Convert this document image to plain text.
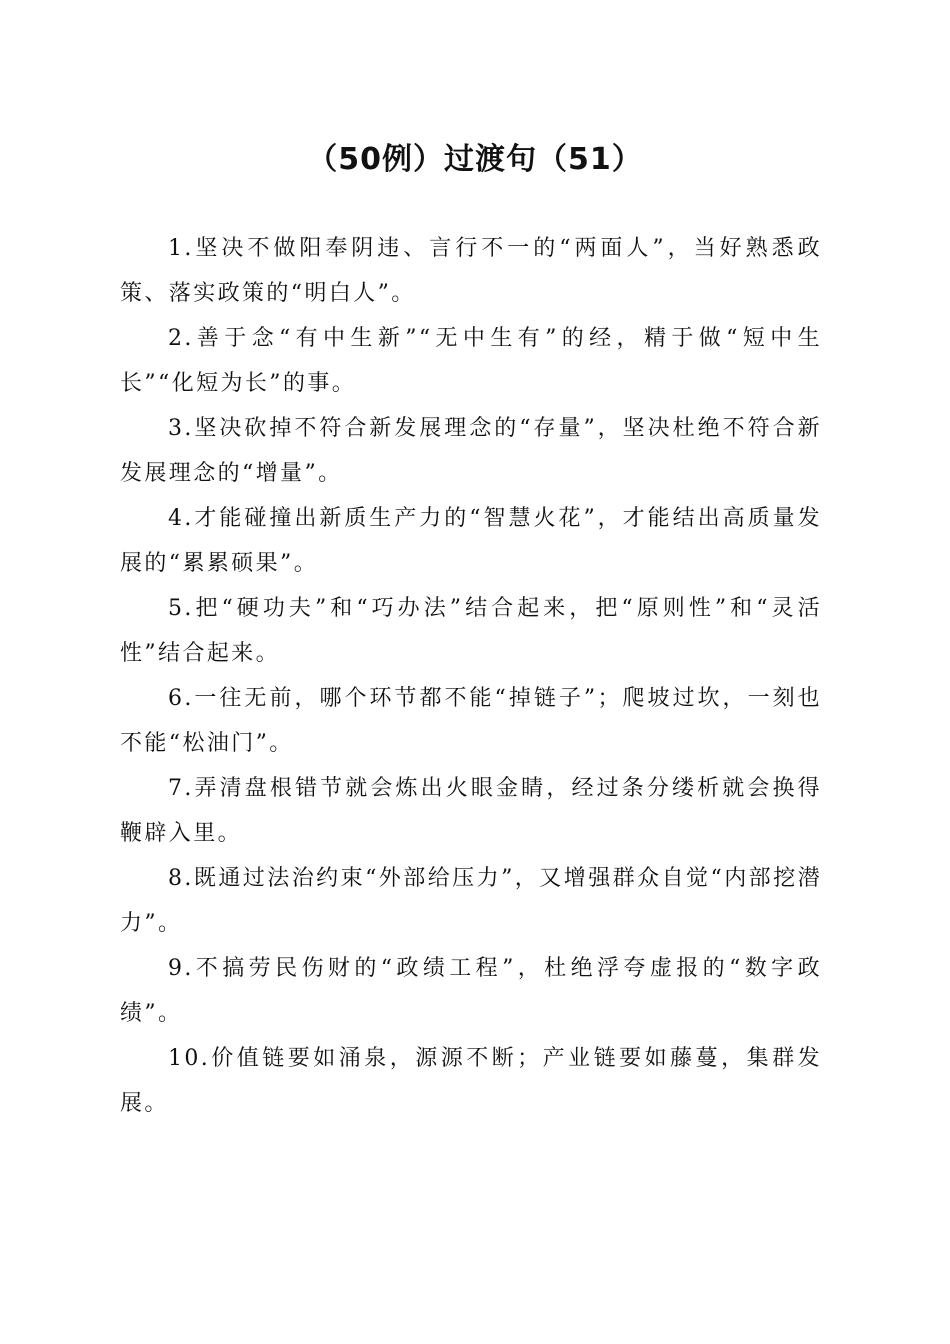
（50例）过渡句（51）

1.坚决不做阳奉阴违、言行不一的“两面人”，当好熟悉政策、落实政策的“明白人”。

2.善于念“有中生新”“无中生有”的经，精于做“短中生长”“化短为长”的事。

3.坚决砍掉不符合新发展理念的“存量”，坚决杜绝不符合新发展理念的“增量”。

4.才能碰撞出新质生产力的“智慧火花”，才能结出高质量发展的“累累硕果”。

5.把“硬功夫”和“巧办法”结合起来，把“原则性”和“灵活性”结合起来。

6.一往无前，哪个环节都不能“掉链子”；爬坡过坎，一刻也不能“松油门”。

7.弄清盘根错节就会炼出火眼金睛，经过条分缕析就会换得鞭辟入里。

8.既通过法治约束“外部给压力”，又增强群众自觉“内部挖潜力”。

9.不搞劳民伤财的“政绩工程”，杜绝浮夸虚报的“数字政绩”。

10.价值链要如涌泉，源源不断；产业链要如藤蔓，集群发展。
